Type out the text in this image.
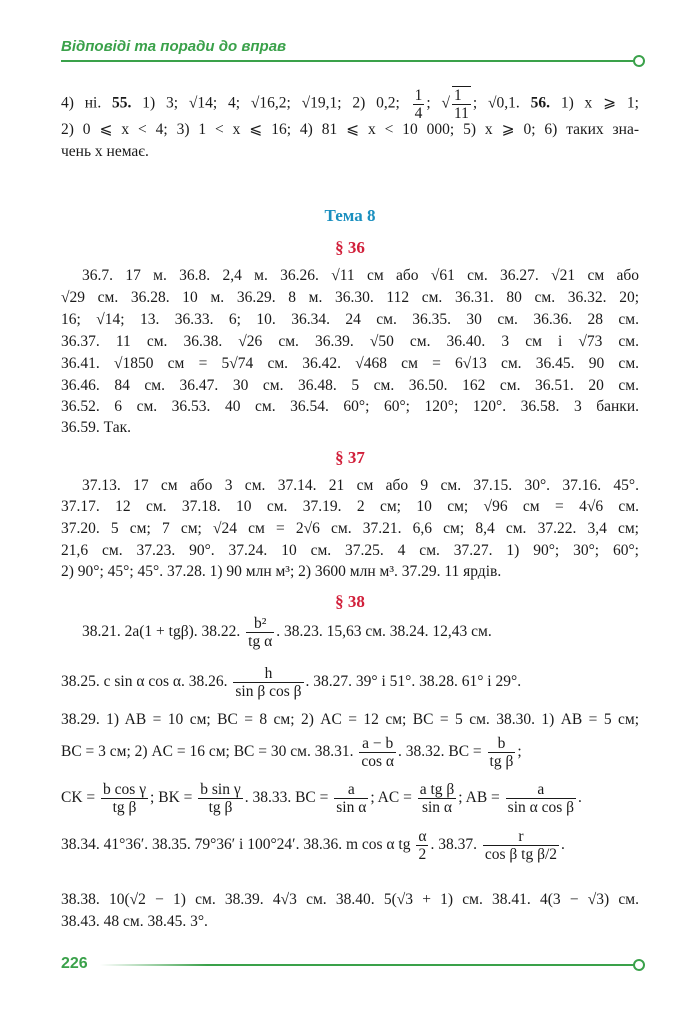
Відповіді та поради до вправ
4) ні. 55. 1) 3; √14; 4; √16,2; √19,1; 2) 0,2; $\frac{1}{4}$ ; √ $\frac{1}{11}$ ; √0,1. 56. 1) x ⩾ 1;
2) 0 ⩽ x < 4; 3) 1 < x ⩽ 16; 4) 81 ⩽ x < 10 000; 5) x ⩾ 0; 6) таких зна-
чень x немає.
Тема 8
§ 36
36.7. 17 м. 36.8. 2,4 м. 36.26. √11 см або √61 см. 36.27. √21 см або
√29 см. 36.28. 10 м. 36.29. 8 м. 36.30. 112 см. 36.31. 80 см. 36.32. 20;
16; √14; 13. 36.33. 6; 10. 36.34. 24 см. 36.35. 30 см. 36.36. 28 см.
36.37. 11 см. 36.38. √26 см. 36.39. √50 см. 36.40. 3 см і √73 см.
36.41. √1850 см = 5√74 см. 36.42. √468 см = 6√13 см. 36.45. 90 см.
36.46. 84 см. 36.47. 30 см. 36.48. 5 см. 36.50. 162 см. 36.51. 20 см.
36.52. 6 см. 36.53. 40 см. 36.54. 60°; 60°; 120°; 120°. 36.58. 3 банки.
36.59. Так.
§ 37
37.13. 17 см або 3 см. 37.14. 21 см або 9 см. 37.15. 30°. 37.16. 45°.
37.17. 12 см. 37.18. 10 см. 37.19. 2 см; 10 см; √96 см = 4√6 см.
37.20. 5 см; 7 см; √24 см = 2√6 см. 37.21. 6,6 см; 8,4 см. 37.22. 3,4 см;
21,6 см. 37.23. 90°. 37.24. 10 см. 37.25. 4 см. 37.27. 1) 90°; 30°; 60°;
2) 90°; 45°; 45°. 37.28. 1) 90 млн м³; 2) 3600 млн м³. 37.29. 11 ярдів.
§ 38
38.21. 2a(1 + tgβ). 38.22. $\frac{\text{b²}}{\text{tg α}}$ . 38.23. 15,63 см. 38.24. 12,43 см.
38.25. c sin α cos α. 38.26. $\frac{h}{\text{sin β cos β}}$ . 38.27. 39° і 51°. 38.28. 61° і 29°.
38.29. 1) AB = 10 см; BC = 8 см; 2) AC = 12 см; BC = 5 см. 38.30. 1) AB = 5 см;
BC = 3 см; 2) AC = 16 см; BC = 30 см. 38.31. $\frac{a - b}{\text{cos α}}$ . 38.32. BC = $\frac{b}{\text{tg β}}$ ;
CK = $\frac{\text{b cos γ}}{\text{tg β}}$ ; BK = $\frac{\text{b sin γ}}{\text{tg β}}$ . 38.33. BC = $\frac{a}{\text{sin α}}$ ; AC = $\frac{\text{a tg β}}{\text{sin α}}$ ; AB = $\frac{a}{\text{sin α cos β}}$ .
38.34. 41°36′. 38.35. 79°36′ і 100°24′. 38.36. m cos α tg $\frac{\alpha}{2}$ . 38.37. $\frac{r}{\text{cos β tg β/2}}$ .
38.38. 10(√2 − 1) см. 38.39. 4√3 см. 38.40. 5(√3 + 1) см. 38.41. 4(3 − √3) см.
38.43. 48 см. 38.45. 3°.
226
